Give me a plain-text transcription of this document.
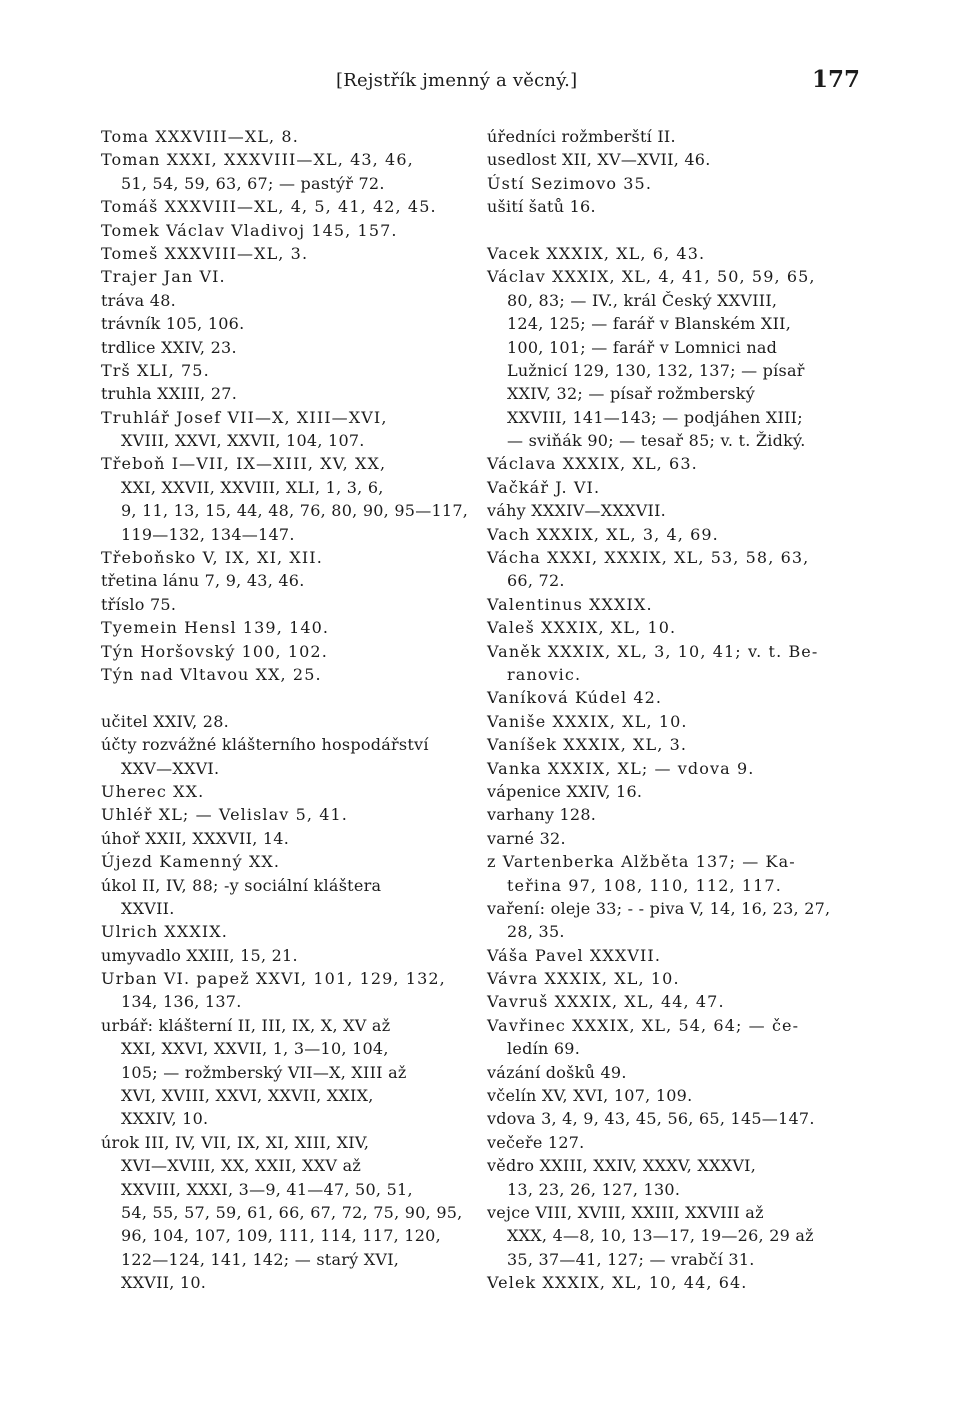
[Rejstřík jmenný a věcný.]	177
Toma XXXVIII—XL, 8.
Toman XXXI, XXXVIII—XL, 43, 46,
51, 54, 59, 63, 67; — pastýř 72.
Tomáš XXXVIII—XL, 4, 5, 41, 42, 45.
Tomek Václav Vladivoj 145, 157.
Tomeš XXXVIII—XL, 3.
Trajer Jan VI.
tráva 48.
trávník 105, 106.
trdlice XXIV, 23.
Trš XLI, 75.
truhla XXIII, 27.
Truhlář Josef VII—X, XIII—XVI,
XVIII, XXVI, XXVII, 104, 107.
Třeboň I—VII, IX—XIII, XV, XX,
XXI, XXVII, XXVIII, XLI, 1, 3, 6,
9, 11, 13, 15, 44, 48, 76, 80, 90, 95—117,
119—132, 134—147.
Třeboňsko V, IX, XI, XII.
třetina lánu 7, 9, 43, 46.
tříslo 75.
Tyemein Hensl 139, 140.
Týn Horšovský 100, 102.
Týn nad Vltavou XX, 25.
učitel XXIV, 28.
účty rozvážné klášterního hospodářství
XXV—XXVI.
Uherec XX.
Uhléř XL; — Velislav 5, 41.
úhoř XXII, XXXVII, 14.
Újezd Kamenný XX.
úkol II, IV, 88; -y sociální kláštera
XXVII.
Ulrich XXXIX.
umyvadlo XXIII, 15, 21.
Urban VI. papež XXVI, 101, 129, 132,
134, 136, 137.
urbář: klášterní II, III, IX, X, XV až
XXI, XXVI, XXVII, 1, 3—10, 104,
105; — rožmberský VII—X, XIII až
XVI, XVIII, XXVI, XXVII, XXIX,
XXXIV, 10.
úrok III, IV, VII, IX, XI, XIII, XIV,
XVI—XVIII, XX, XXII, XXV až
XXVIII, XXXI, 3—9, 41—47, 50, 51,
54, 55, 57, 59, 61, 66, 67, 72, 75, 90, 95,
96, 104, 107, 109, 111, 114, 117, 120,
122—124, 141, 142; — starý XVI,
XXVII, 10.
úředníci rožmberští II.
usedlost XII, XV—XVII, 46.
Ústí Sezimovo 35.
ušití šatů 16.
Vacek XXXIX, XL, 6, 43.
Václav XXXIX, XL, 4, 41, 50, 59, 65,
80, 83; — IV., král Český XXVIII,
124, 125; — farář v Blanském XII,
100, 101; — farář v Lomnici nad
Lužnicí 129, 130, 132, 137; — písař
XXIV, 32; — písař rožmberský
XXVIII, 141—143; — podjáhen XIII;
— sviňák 90; — tesař 85; v. t. Židký.
Václava XXXIX, XL, 63.
Vačkář J. VI.
váhy XXXIV—XXXVII.
Vach XXXIX, XL, 3, 4, 69.
Vácha XXXI, XXXIX, XL, 53, 58, 63,
66, 72.
Valentinus XXXIX.
Valeš XXXIX, XL, 10.
Vaněk XXXIX, XL, 3, 10, 41; v. t. Be-
ranovic.
Vaníková Kúdel 42.
Vaniše XXXIX, XL, 10.
Vaníšek XXXIX, XL, 3.
Vanka XXXIX, XL; — vdova 9.
vápenice XXIV, 16.
varhany 128.
varné 32.
z Vartenberka Alžběta 137; — Ka-
teřina 97, 108, 110, 112, 117.
vaření: oleje 33; - - piva V, 14, 16, 23, 27,
28, 35.
Váša Pavel XXXVII.
Vávra XXXIX, XL, 10.
Vavruš XXXIX, XL, 44, 47.
Vavřinec XXXIX, XL, 54, 64; — če-
ledín 69.
vázání došků 49.
včelín XV, XVI, 107, 109.
vdova 3, 4, 9, 43, 45, 56, 65, 145—147.
večeře 127.
vědro XXIII, XXIV, XXXV, XXXVI,
13, 23, 26, 127, 130.
vejce VIII, XVIII, XXIII, XXVIII až
XXX, 4—8, 10, 13—17, 19—26, 29 až
35, 37—41, 127; — vrabčí 31.
Velek XXXIX, XL, 10, 44, 64.
